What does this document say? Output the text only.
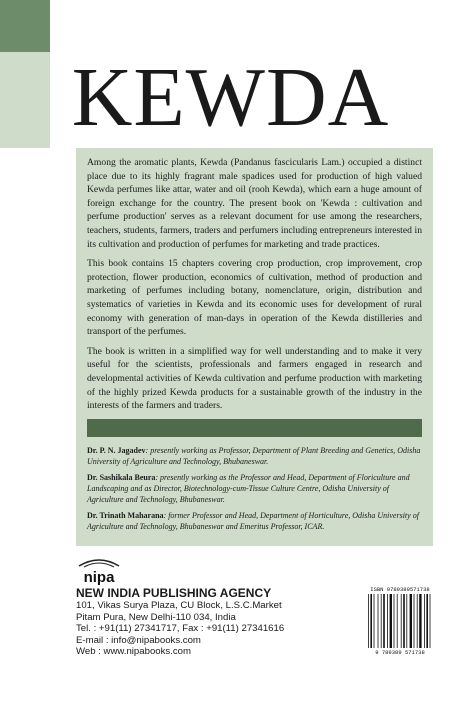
KEWDA

Among the aromatic plants, Kewda (Pandanus fascicularis Lam.) occupied a distinct place due to its highly fragrant male spadices used for production of high valued Kewda perfumes like attar, water and oil (rooh Kewda), which earn a huge amount of foreign exchange for the country. The present book on 'Kewda : cultivation and perfume production' serves as a relevant document for use among the researchers, teachers, students, farmers, traders and perfumers including entrepreneurs interested in its cultivation and production of perfumes for marketing and trade practices.

This book contains 15 chapters covering crop production, crop improvement, crop protection, flower production, economics of cultivation, method of production and marketing of perfumes including botany, nomenclature, origin, distribution and systematics of varieties in Kewda and its economic uses for development of rural economy with generation of man-days in operation of the Kewda distilleries and transport of the perfumes.

The book is written in a simplified way for well understanding and to make it very useful for the scientists, professionals and farmers engaged in research and developmental activities of Kewda cultivation and perfume production with marketing of the highly prized Kewda products for a sustainable growth of the industry in the interests of the farmers and traders.

Dr. P. N. Jagadev: presently working as Professor, Department of Plant Breeding and Genetics, Odisha University of Agriculture and Technology, Bhubaneswar.
Dr. Sashikala Beura: presently working as the Professor and Head, Department of Floriculture and Landscaping and as Director, Biotechnology-cum-Tissue Culture Centre, Odisha University of Agriculture and Technology, Bhubaneswar.
Dr. Trinath Maharana: former Professor and Head, Department of Horticulture, Odisha University of Agriculture and Technology, Bhubaneswar and Emeritus Professor, ICAR.
nipa
NEW INDIA PUBLISHING AGENCY
101, Vikas Surya Plaza, CU Block, L.S.C.Market
Pitam Pura, New Delhi-110 034, India
Tel. : +91(11) 27341717, Fax : +91(11) 27341616
E-mail : info@nipabooks.com
Web : www.nipabooks.com
ISBN 9789389571738
9 789389 571738
